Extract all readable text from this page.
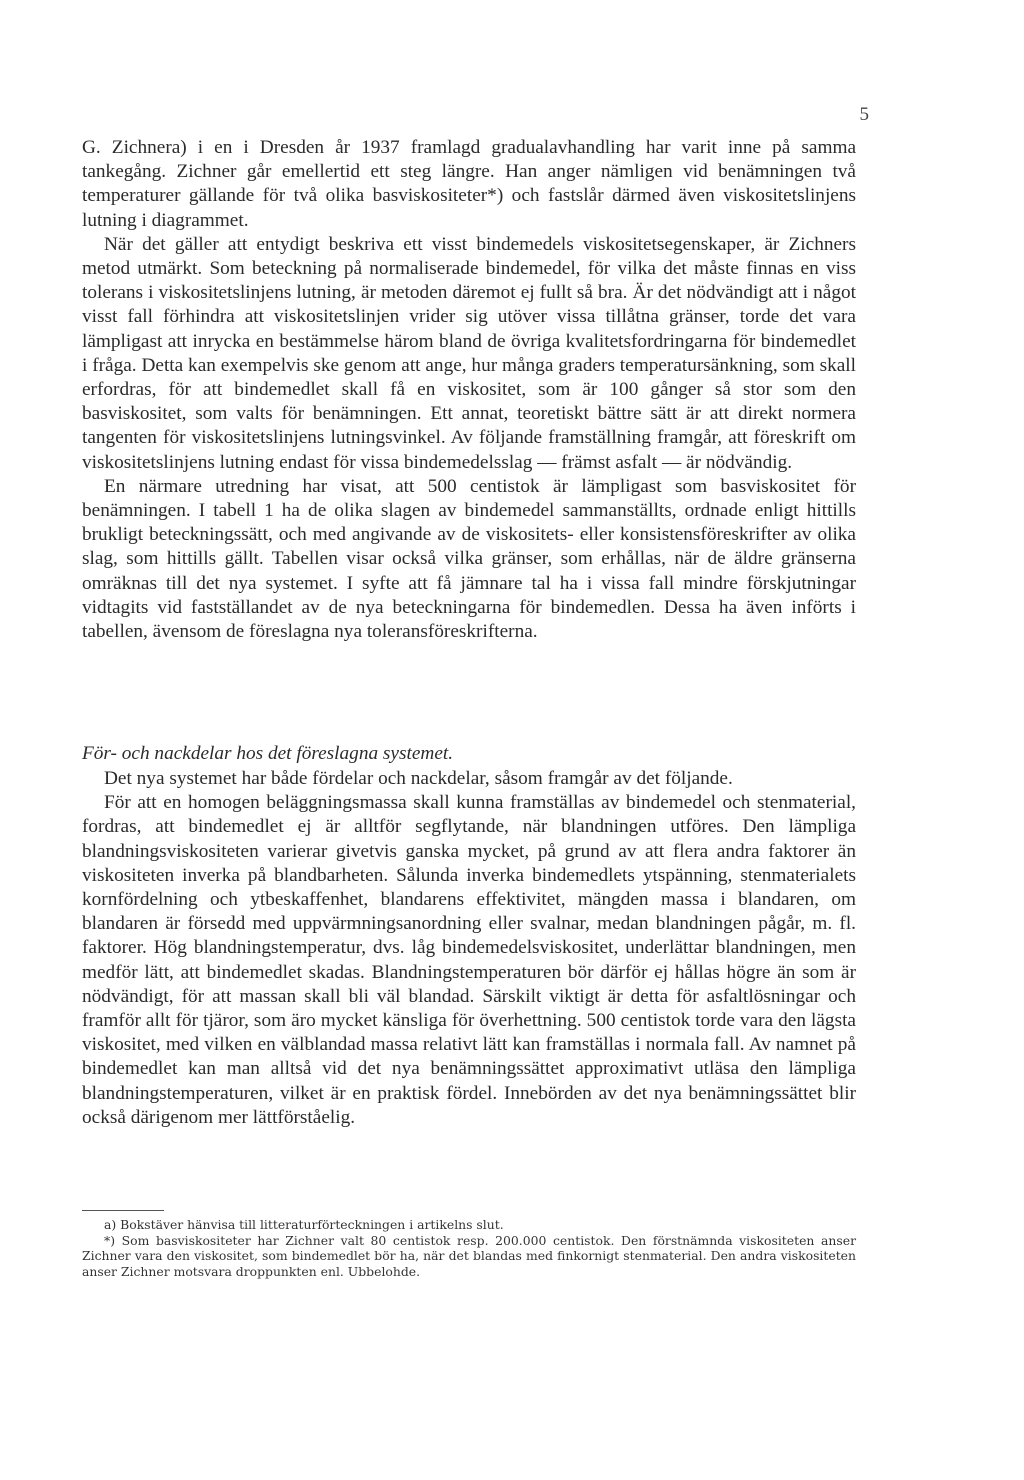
5

G. Zichnera) i en i Dresden år 1937 framlagd gradualavhandling har varit inne på samma tankegång. Zichner går emellertid ett steg längre. Han anger nämligen vid benämningen två temperaturer gällande för två olika basviskositeter*) och fastslår därmed även viskositetslinjens lutning i diagrammet.

När det gäller att entydigt beskriva ett visst bindemedels viskositetsegenskaper, är Zichners metod utmärkt. Som beteckning på normaliserade bindemedel, för vilka det måste finnas en viss tolerans i viskositetslinjens lutning, är metoden däremot ej fullt så bra. Är det nödvändigt att i något visst fall förhindra att viskositetslinjen vrider sig utöver vissa tillåtna gränser, torde det vara lämpligast att inrycka en bestämmelse härom bland de övriga kvalitetsfordringarna för bindemedlet i fråga. Detta kan exempelvis ske genom att ange, hur många graders temperatursänkning, som skall erfordras, för att bindemedlet skall få en viskositet, som är 100 gånger så stor som den basviskositet, som valts för benämningen. Ett annat, teoretiskt bättre sätt är att direkt normera tangenten för viskositetslinjens lutningsvinkel. Av följande framställning framgår, att föreskrift om viskositetslinjens lutning endast för vissa bindemedelsslag — främst asfalt — är nödvändig.

En närmare utredning har visat, att 500 centistok är lämpligast som basviskositet för benämningen. I tabell 1 ha de olika slagen av bindemedel sammanställts, ordnade enligt hittills brukligt beteckningssätt, och med angivande av de viskositets- eller konsistensföreskrifter av olika slag, som hittills gällt. Tabellen visar också vilka gränser, som erhållas, när de äldre gränserna omräknas till det nya systemet. I syfte att få jämnare tal ha i vissa fall mindre förskjutningar vidtagits vid fastställandet av de nya beteckningarna för bindemedlen. Dessa ha även införts i tabellen, ävensom de föreslagna nya toleransföreskrifterna.

För- och nackdelar hos det föreslagna systemet.

Det nya systemet har både fördelar och nackdelar, såsom framgår av det följande.

För att en homogen beläggningsmassa skall kunna framställas av bindemedel och stenmaterial, fordras, att bindemedlet ej är alltför segflytande, när blandningen utföres. Den lämpliga blandningsviskositeten varierar givetvis ganska mycket, på grund av att flera andra faktorer än viskositeten inverka på blandbarheten. Sålunda inverka bindemedlets ytspänning, stenmaterialets kornfördelning och ytbeskaffenhet, blandarens effektivitet, mängden massa i blandaren, om blandaren är försedd med uppvärmningsanordning eller svalnar, medan blandningen pågår, m. fl. faktorer. Hög blandningstemperatur, dvs. låg bindemedelsviskositet, underlättar blandningen, men medför lätt, att bindemedlet skadas. Blandningstemperaturen bör därför ej hållas högre än som är nödvändigt, för att massan skall bli väl blandad. Särskilt viktigt är detta för asfaltlösningar och framför allt för tjäror, som äro mycket känsliga för överhettning. 500 centistok torde vara den lägsta viskositet, med vilken en välblandad massa relativt lätt kan framställas i normala fall. Av namnet på bindemedlet kan man alltså vid det nya benämningssättet approximativt utläsa den lämpliga blandningstemperaturen, vilket är en praktisk fördel. Innebörden av det nya benämningssättet blir också därigenom mer lättförståelig.

a) Bokstäver hänvisa till litteraturförteckningen i artikelns slut.

*) Som basviskositeter har Zichner valt 80 centistok resp. 200.000 centistok. Den förstnämnda viskositeten anser Zichner vara den viskositet, som bindemedlet bör ha, när det blandas med finkornigt stenmaterial. Den andra viskositeten anser Zichner motsvara droppunkten enl. Ubbelohde.
